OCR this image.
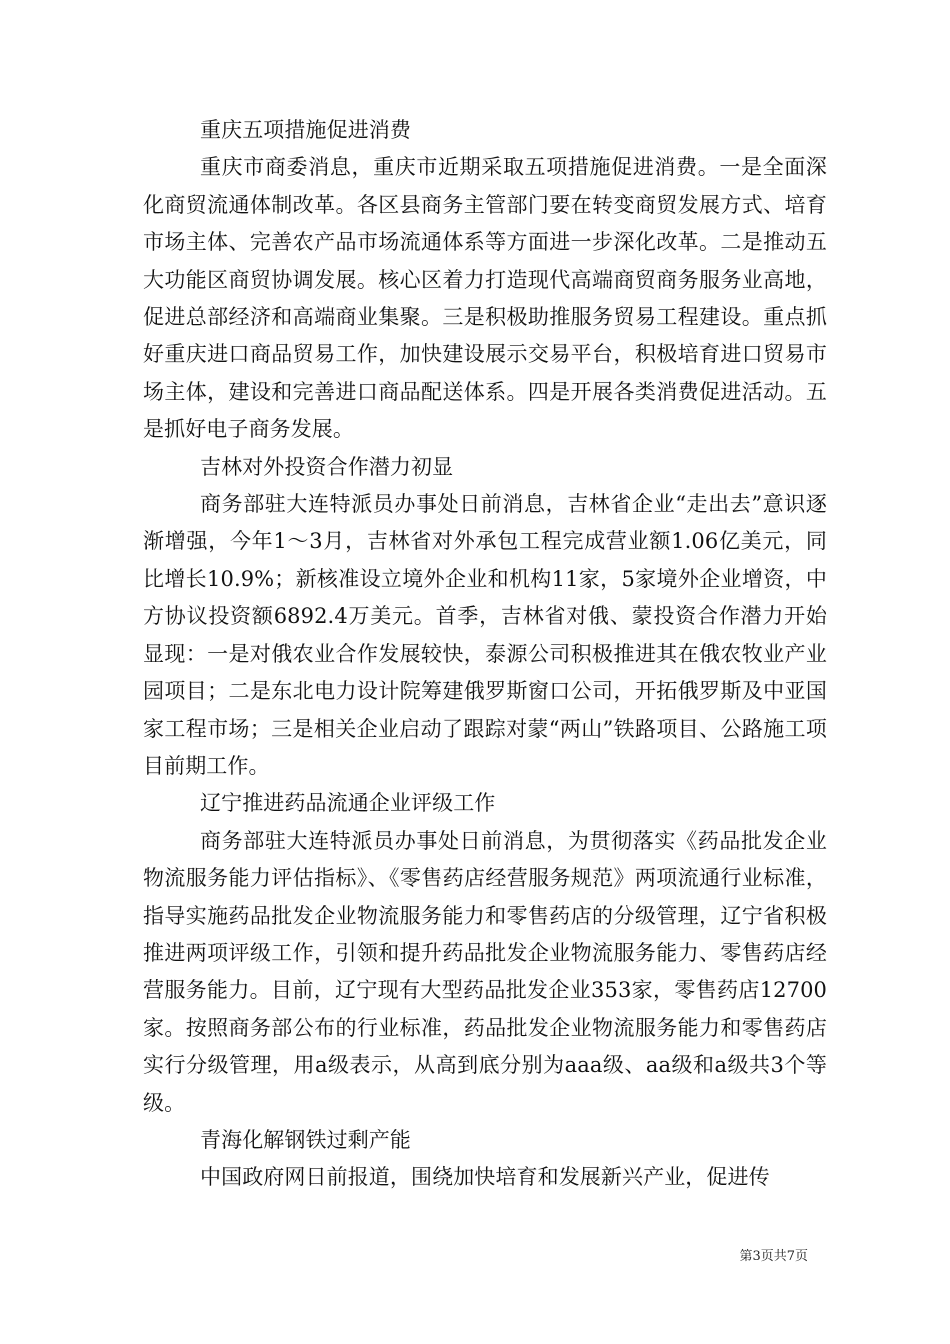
重庆五项措施促进消费

重庆市商委消息，重庆市近期采取五项措施促进消费。一是全面深化商贸流通体制改革。各区县商务主管部门要在转变商贸发展方式、培育市场主体、完善农产品市场流通体系等方面进一步深化改革。二是推动五大功能区商贸协调发展。核心区着力打造现代高端商贸商务服务业高地，促进总部经济和高端商业集聚。三是积极助推服务贸易工程建设。重点抓好重庆进口商品贸易工作，加快建设展示交易平台，积极培育进口贸易市场主体，建设和完善进口商品配送体系。四是开展各类消费促进活动。五是抓好电子商务发展。

吉林对外投资合作潜力初显

商务部驻大连特派员办事处日前消息，吉林省企业“走出去”意识逐渐增强，今年1～3月，吉林省对外承包工程完成营业额1.06亿美元，同比增长10.9%；新核准设立境外企业和机构11家，5家境外企业增资，中方协议投资额6892.4万美元。首季，吉林省对俄、蒙投资合作潜力开始显现：一是对俄农业合作发展较快，泰源公司积极推进其在俄农牧业产业园项目；二是东北电力设计院筹建俄罗斯窗口公司，开拓俄罗斯及中亚国家工程市场；三是相关企业启动了跟踪对蒙“两山”铁路项目、公路施工项目前期工作。

辽宁推进药品流通企业评级工作

商务部驻大连特派员办事处日前消息，为贯彻落实《药品批发企业物流服务能力评估指标》、《零售药店经营服务规范》两项流通行业标准，指导实施药品批发企业物流服务能力和零售药店的分级管理，辽宁省积极推进两项评级工作，引领和提升药品批发企业物流服务能力、零售药店经营服务能力。目前，辽宁现有大型药品批发企业353家，零售药店12700家。按照商务部公布的行业标准，药品批发企业物流服务能力和零售药店实行分级管理，用a级表示，从高到底分别为aaa级、aa级和a级共3个等级。

青海化解钢铁过剩产能

中国政府网日前报道，围绕加快培育和发展新兴产业，促进传

第3页共7页
